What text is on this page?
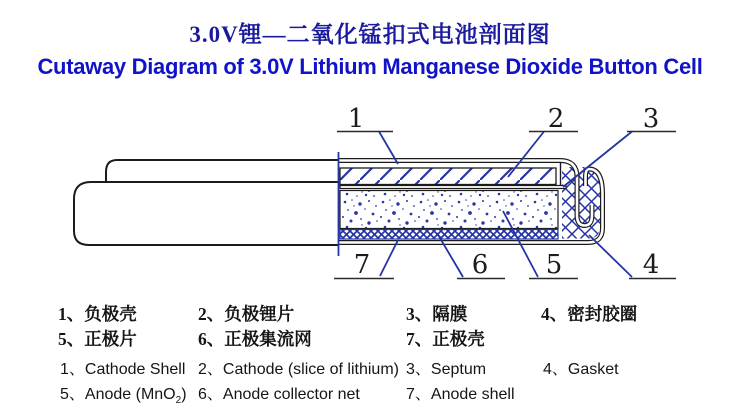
3.0V锂—二氧化锰扣式电池剖面图
Cutaway Diagram of 3.0V Lithium Manganese Dioxide Button Cell
1	2	3
7	6 5	4
1、负极壳	2、负极锂片	3、隔膜	4、密封胶圈
5、正极片	6、正极集流网	7、正极壳
1、Cathode Shell 2、Cathode (slice of lithium) 3、Septum	4、Gasket
5、Anode (MnO$_2$) 6、Anode collector net	7、Anode shell
